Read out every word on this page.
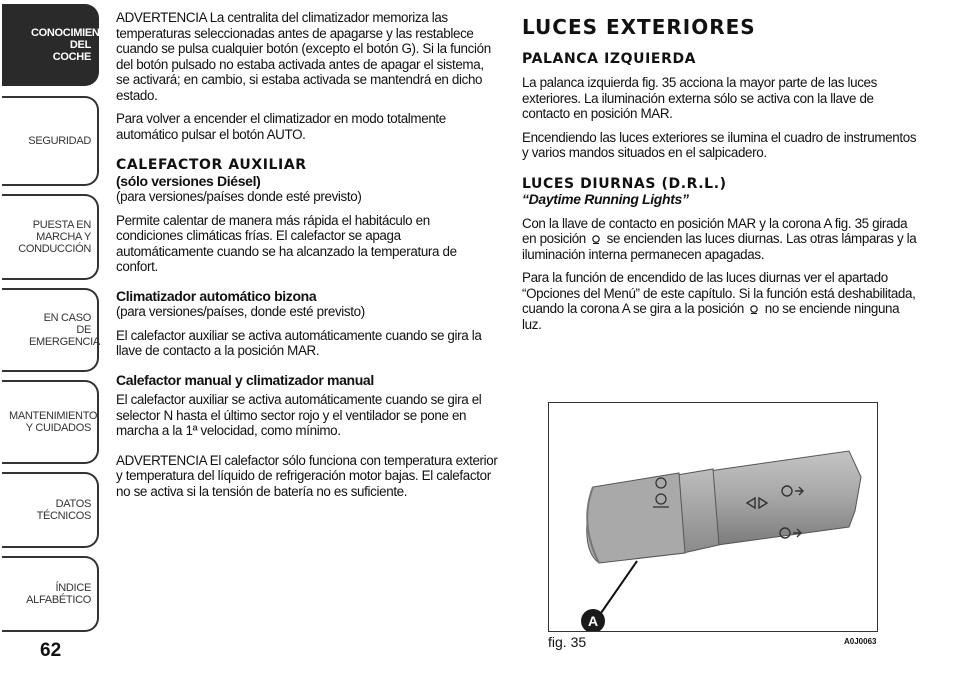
CONOCIMIENTO DEL COCHE
SEGURIDAD
PUESTA EN MARCHA Y CONDUCCIÓN
EN CASO DE EMERGENCIA
MANTENIMIENTO Y CUIDADOS
DATOS TÉCNICOS
ÍNDICE ALFABÉTICO
62

ADVERTENCIA La centralita del climatizador memoriza las temperaturas seleccionadas antes de apagarse y las restablece cuando se pulsa cualquier botón (excepto el botón G). Si la función del botón pulsado no estaba activada antes de apagar el sistema, se activará; en cambio, si estaba activada se mantendrá en dicho estado.

Para volver a encender el climatizador en modo totalmente automático pulsar el botón AUTO.

CALEFACTOR AUXILIAR
(sólo versiones Diésel)

(para versiones/países donde esté previsto)

Permite calentar de manera más rápida el habitáculo en condiciones climáticas frías. El calefactor se apaga automáticamente cuando se ha alcanzado la temperatura de confort.

Climatizador automático bizona

(para versiones/países, donde esté previsto)

El calefactor auxiliar se activa automáticamente cuando se gira la llave de contacto a la posición MAR.

Calefactor manual y climatizador manual

El calefactor auxiliar se activa automáticamente cuando se gira el selector N hasta el último sector rojo y el ventilador se pone en marcha a la 1ª velocidad, como mínimo.

ADVERTENCIA El calefactor sólo funciona con temperatura exterior y temperatura del líquido de refrigeración motor bajas. El calefactor no se activa si la tensión de batería no es suficiente.

LUCES EXTERIORES
PALANCA IZQUIERDA

La palanca izquierda fig. 35 acciona la mayor parte de las luces exteriores. La iluminación externa sólo se activa con la llave de contacto en posición MAR.

Encendiendo las luces exteriores se ilumina el cuadro de instrumentos y varios mandos situados en el salpicadero.

LUCES DIURNAS (D.R.L.)
“Daytime Running Lights”

Con la llave de contacto en posición MAR y la corona A fig. 35 girada en posición se encienden las luces diurnas. Las otras lámparas y la iluminación interna permanecen apagadas.

Para la función de encendido de las luces diurnas ver el apartado “Opciones del Menú” de este capítulo. Si la función está deshabilitada, cuando la corona A se gira a la posición no se enciende ninguna luz.

A
fig. 35	A0J0063
